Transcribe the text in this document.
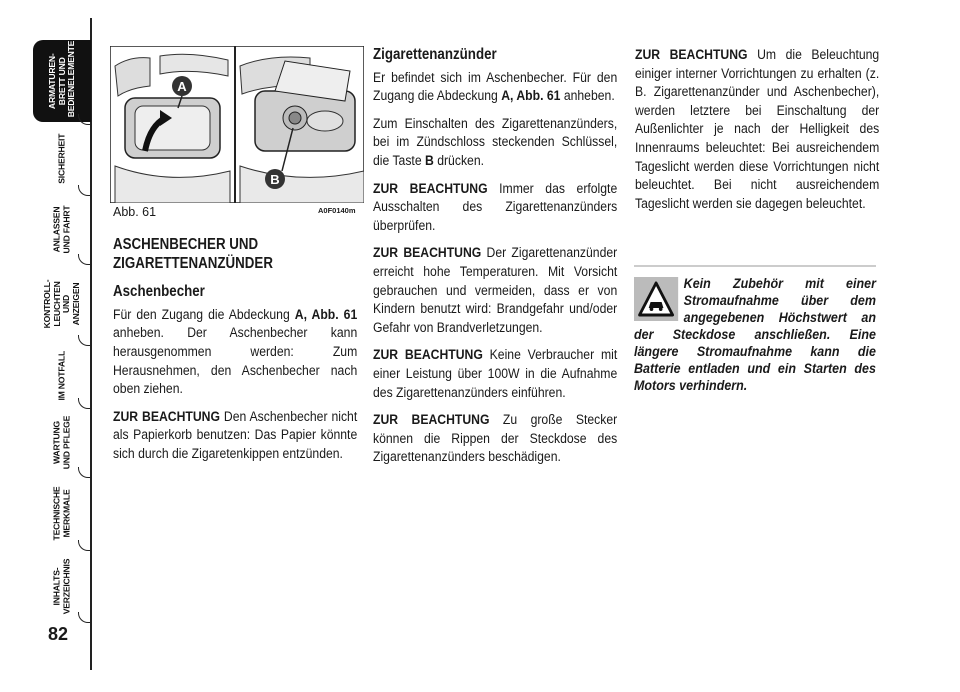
ARMATUREN-
BRETT UND
BEDIENELEMENTE
SICHERHEIT
ANLASSEN
UND FAHRT
KONTROLL-
LEUCHTEN
UND ANZEIGEN
IM NOTFALL
WARTUNG
UND PFLEGE
TECHNISCHE
MERKMALE
INHALTS-
VERZEICHNIS
82
A
B
Abb. 61	A0F0140m

ASCHENBECHER UND
ZIGARETTENANZÜNDER

Aschenbecher

Für den Zugang die Abdeckung A, Abb. 61 anheben. Der Aschenbecher kann herausgenommen werden: Zum Herausnehmen, den Aschenbecher nach oben ziehen.

ZUR BEACHTUNG Den Aschenbecher nicht als Papierkorb benutzen: Das Papier könnte sich durch die Zigaretenkippen entzünden.

Zigarettenanzünder

Er befindet sich im Aschenbecher. Für den Zugang die Abdeckung A, Abb. 61 anheben.

Zum Einschalten des Zigarettenanzünders, bei im Zündschloss steckenden Schlüssel, die Taste B drücken.

ZUR BEACHTUNG Immer das erfolgte Ausschalten des Zigarettenanzünders überprüfen.

ZUR BEACHTUNG Der Zigarettenanzünder erreicht hohe Temperaturen. Mit Vorsicht gebrauchen und vermeiden, dass er von Kindern benutzt wird: Brandgefahr und/oder Gefahr von Brandverletzungen.

ZUR BEACHTUNG Keine Verbraucher mit einer Leistung über 100W in die Aufnahme des Zigarettenanzünders einführen.

ZUR BEACHTUNG Zu große Stecker können die Rippen der Steckdose des Zigarettenanzünders beschädigen.

ZUR BEACHTUNG Um die Beleuchtung einiger interner Vorrichtungen zu erhalten (z. B. Zigarettenanzünder und Aschenbecher), werden letztere bei Einschaltung der Außenlichter je nach der Helligkeit des Innenraums beleuchtet: Bei ausreichendem Tageslicht werden diese Vorrichtungen nicht beleuchtet. Bei nicht ausreichendem Tageslicht werden sie dagegen beleuchtet.

Kein Zubehör mit einer Stromaufnahme über dem angegebenen Höchstwert an der Steckdose anschließen. Eine längere Stromaufnahme kann die Batterie entladen und ein Starten des Motors verhindern.
